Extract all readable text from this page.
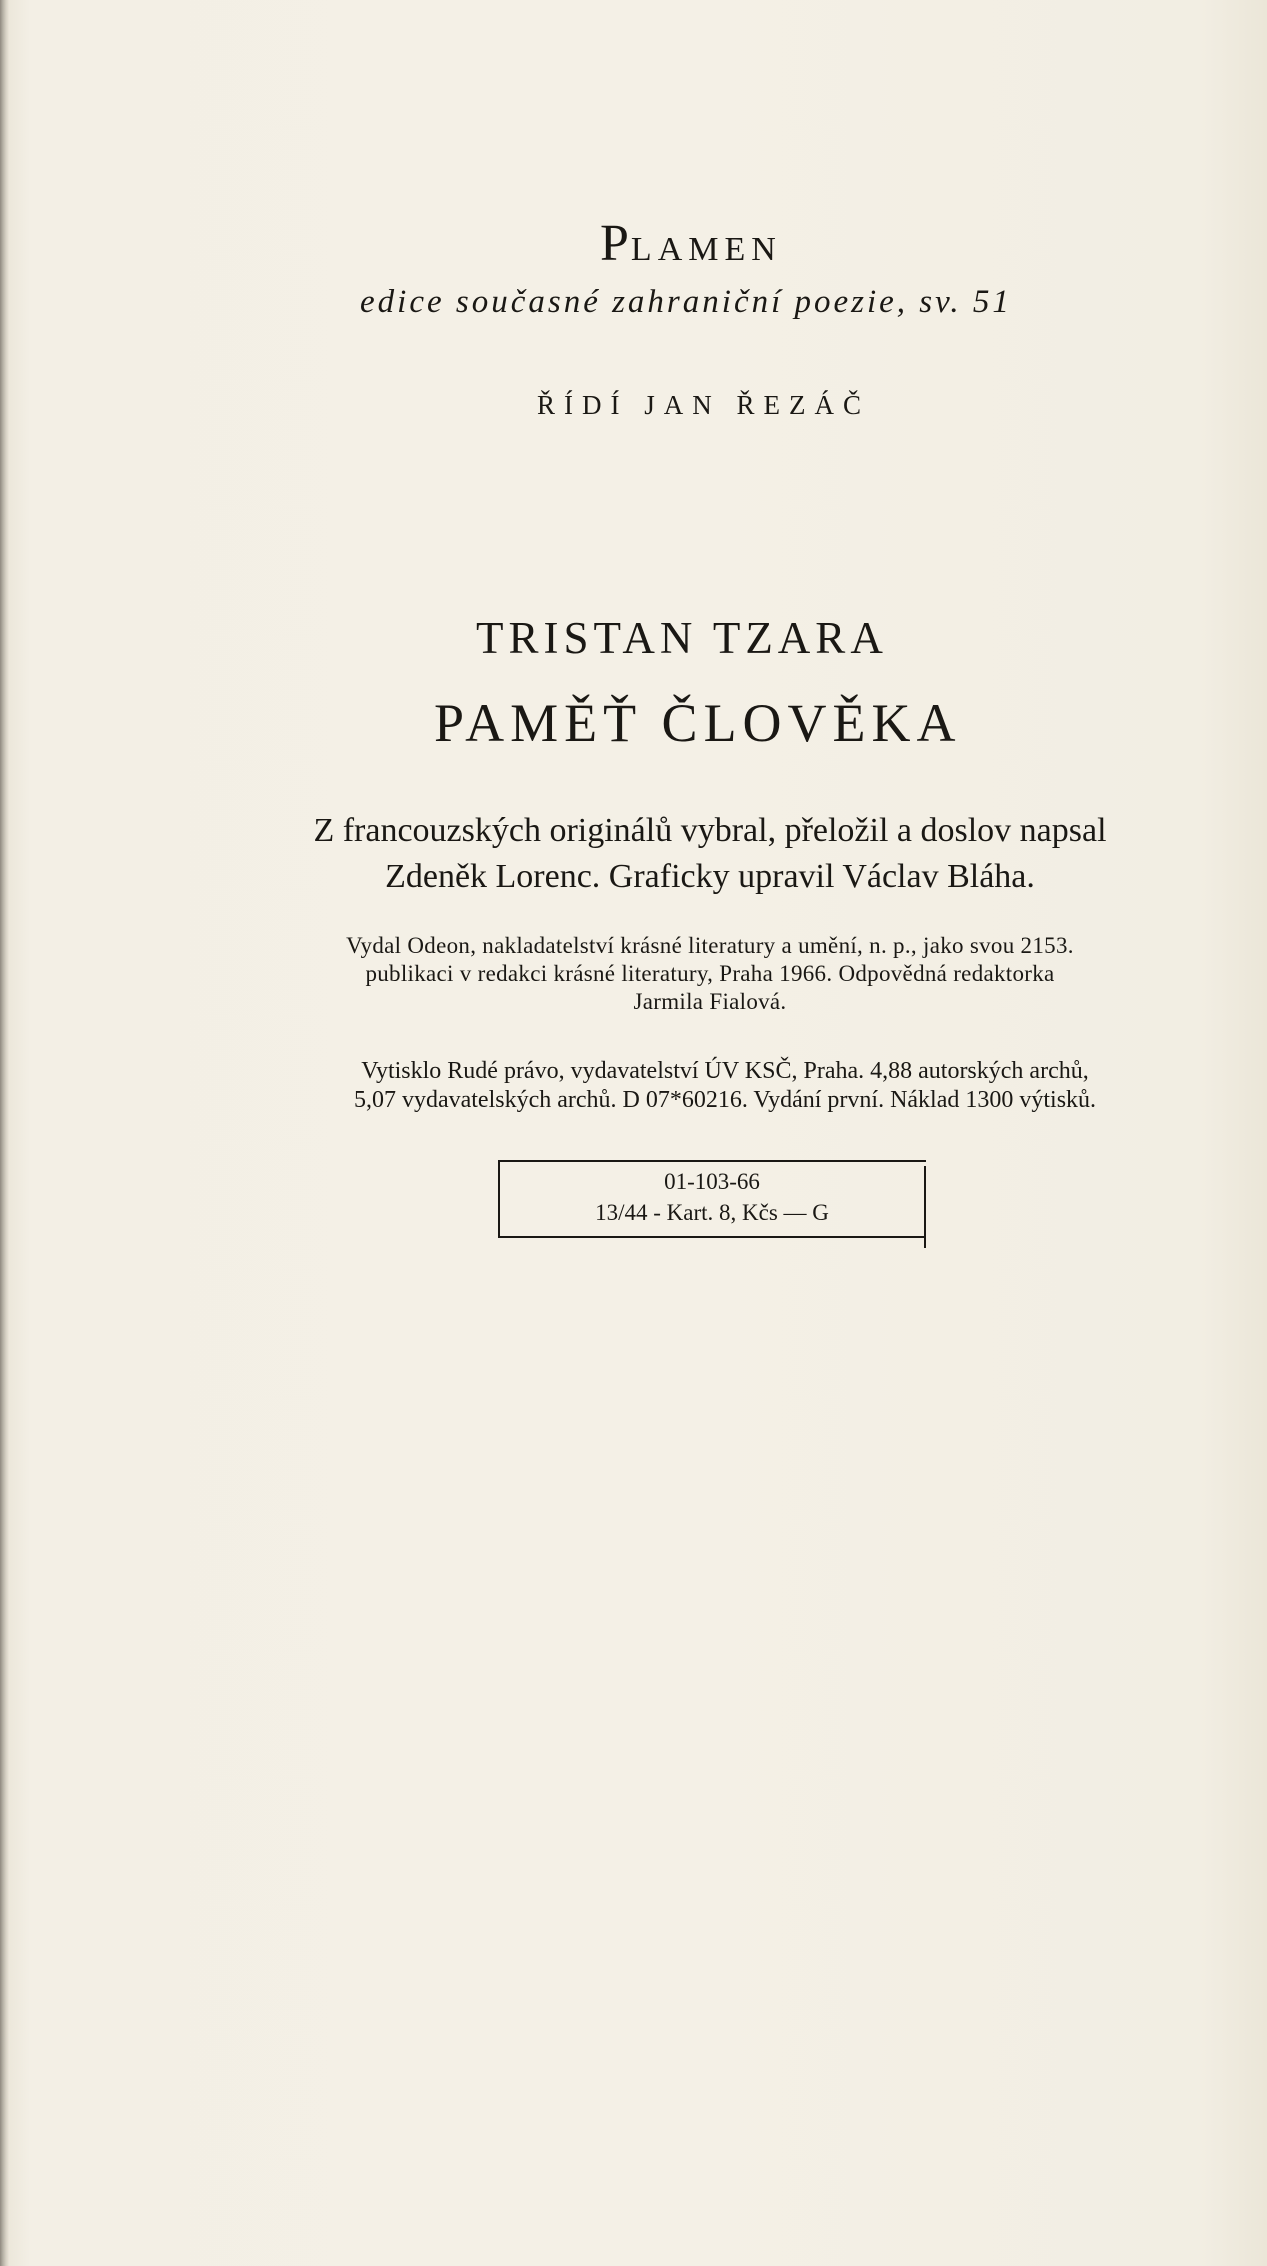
PLAMEN
edice současné zahraniční poezie, sv. 51
ŘÍDÍ JAN ŘEZÁČ
TRISTAN TZARA
PAMĚŤ ČLOVĚKA
Z francouzských originálů vybral, přeložil a doslov napsal
Zdeněk Lorenc. Graficky upravil Václav Bláha.
Vydal Odeon, nakladatelství krásné literatury a umění, n. p., jako svou 2153.
publikaci v redakci krásné literatury, Praha 1966. Odpovědná redaktorka
Jarmila Fialová.
Vytisklo Rudé právo, vydavatelství ÚV KSČ, Praha. 4,88 autorských archů,
5,07 vydavatelských archů. D 07*60216. Vydání první. Náklad 1300 výtisků.
01-103-66
13/44 - Kart. 8, Kčs — G
